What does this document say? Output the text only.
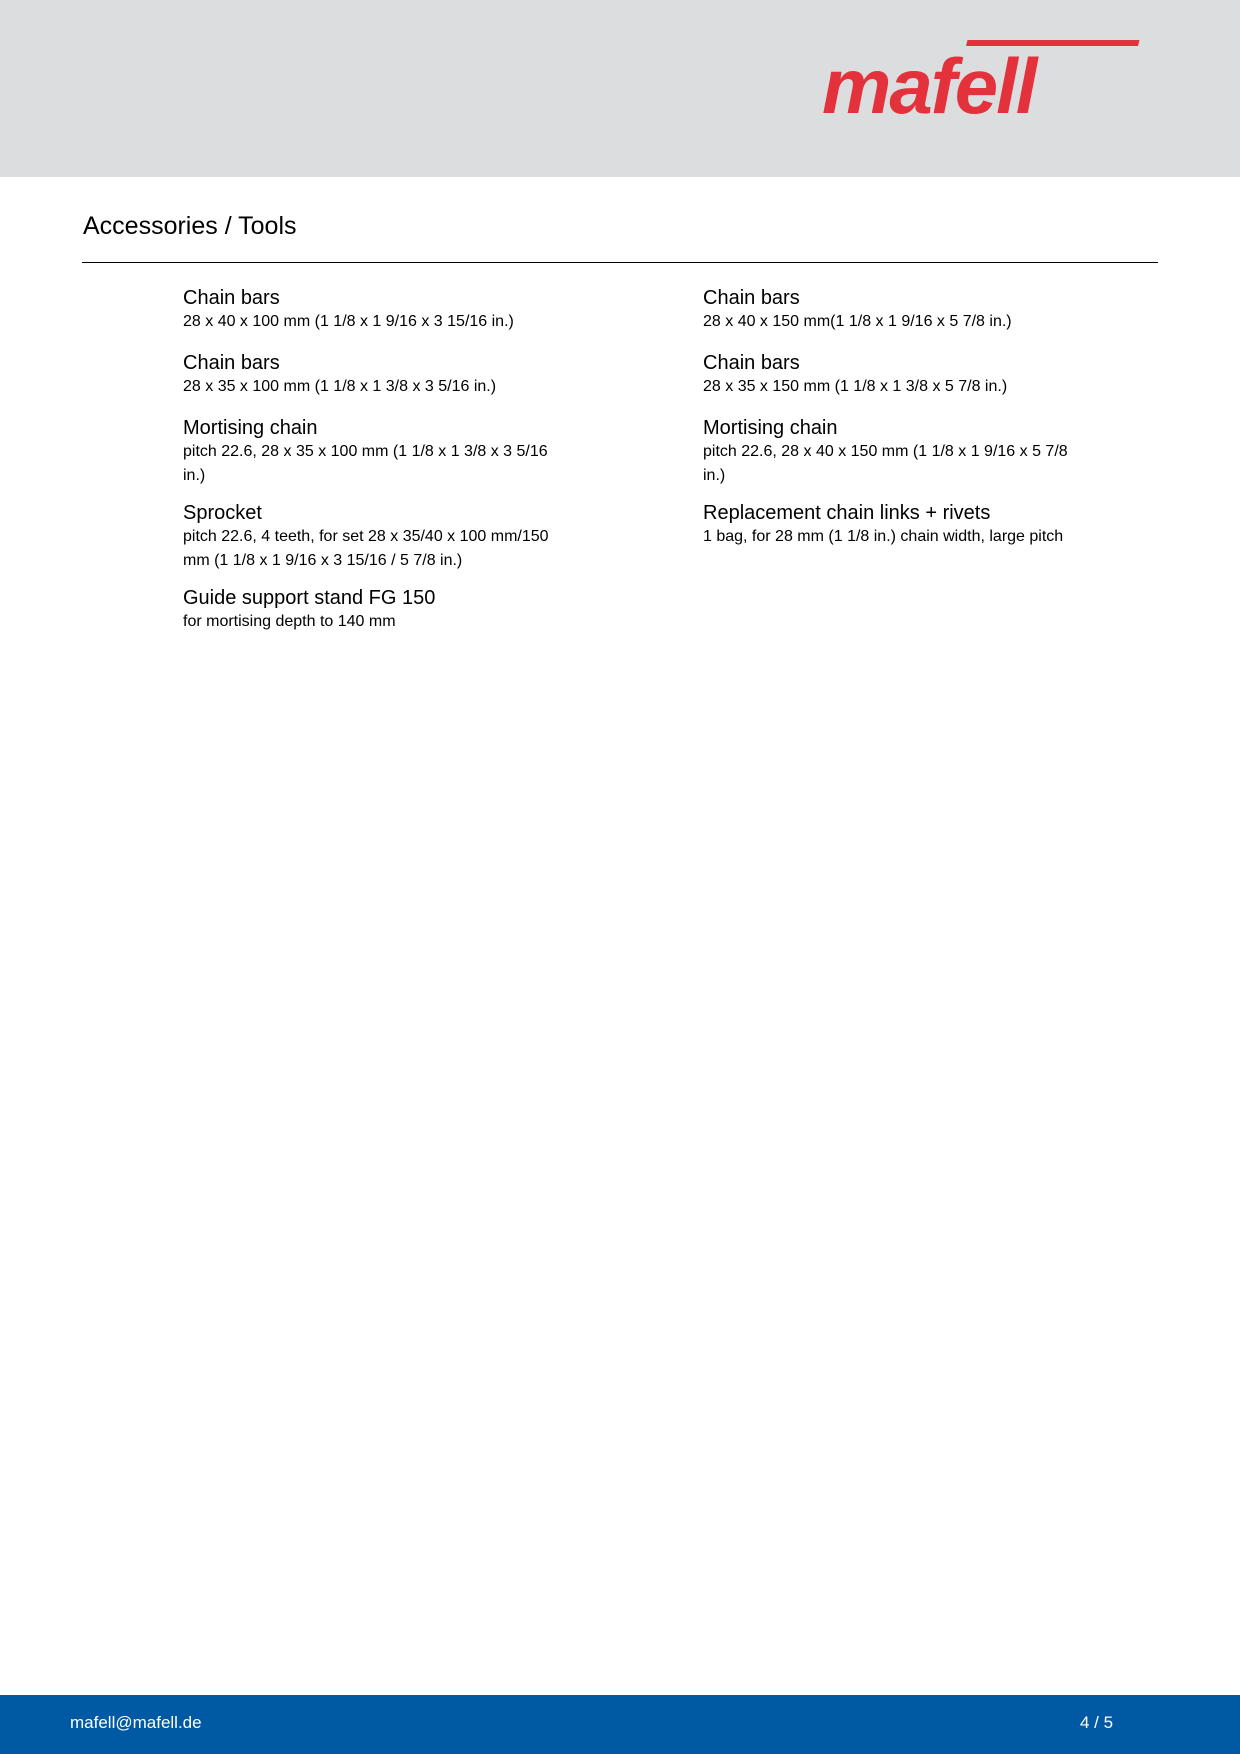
mafell
Accessories / Tools

Chain bars

28 x 40 x 100 mm (1 1/8 x 1 9/16 x 3 15/16 in.)

Chain bars

28 x 40 x 150 mm(1 1/8 x 1 9/16 x 5 7/8 in.)

Chain bars

28 x 35 x 100 mm (1 1/8 x 1 3/8 x 3 5/16 in.)

Chain bars

28 x 35 x 150 mm (1 1/8 x 1 3/8 x 5 7/8 in.)

Mortising chain

pitch 22.6, 28 x 35 x 100 mm (1 1/8 x 1 3/8 x 3 5/16 in.)

Mortising chain

pitch 22.6, 28 x 40 x 150 mm (1 1/8 x 1 9/16 x 5 7/8 in.)

Sprocket

pitch 22.6, 4 teeth, for set 28 x 35/40 x 100 mm/150 mm (1 1/8 x 1 9/16 x 3 15/16 / 5 7/8 in.)

Replacement chain links + rivets

1 bag, for 28 mm (1 1/8 in.) chain width, large pitch

Guide support stand FG 150

for mortising depth to 140 mm

mafell@mafell.de	4 / 5
